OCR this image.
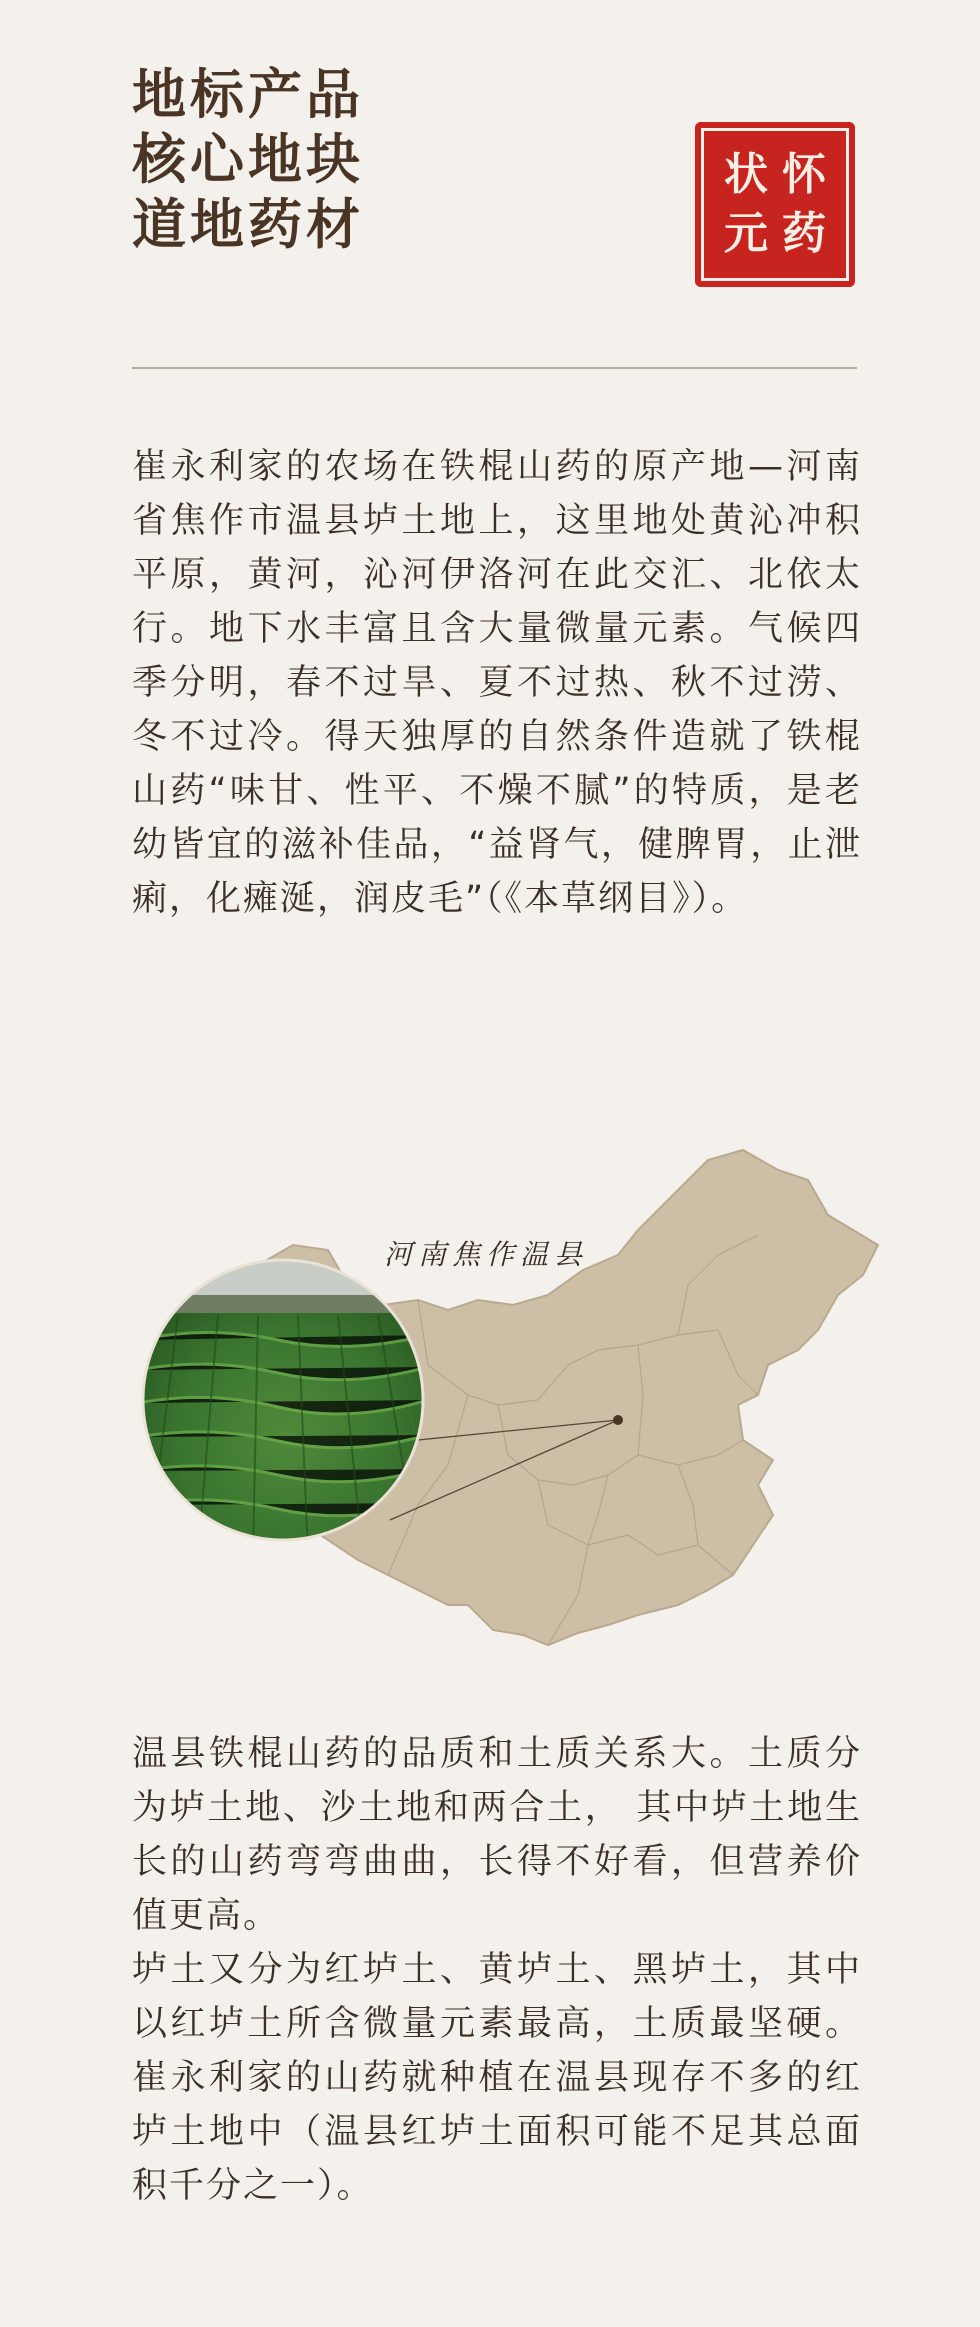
地标产品
核心地块
道地药材
怀
状
药
元
崔永利家的农场在铁棍山药的原产地—河南省焦作市温县垆土地上，这里地处黄沁冲积平原，黄河，沁河伊洛河在此交汇、北依太行。地下水丰富且含大量微量元素。气候四季分明，春不过旱、夏不过热、秋不过涝、冬不过冷。得天独厚的自然条件造就了铁棍山药“味甘、性平、不燥不腻”的特质，是老幼皆宜的滋补佳品，“益肾气，健脾胃，止泄痢，化瘫涎，润皮毛”（《本草纲目》）。
河南焦作温县

温县铁棍山药的品质和土质关系大。土质分为垆土地、沙土地和两合土， 其中垆土地生长的山药弯弯曲曲，长得不好看，但营养价值更高。

垆土又分为红垆土、黄垆土、黑垆土，其中以红垆土所含微量元素最高，土质最坚硬。崔永利家的山药就种植在温县现存不多的红垆土地中（温县红垆土面积可能不足其总面积千分之一）。
